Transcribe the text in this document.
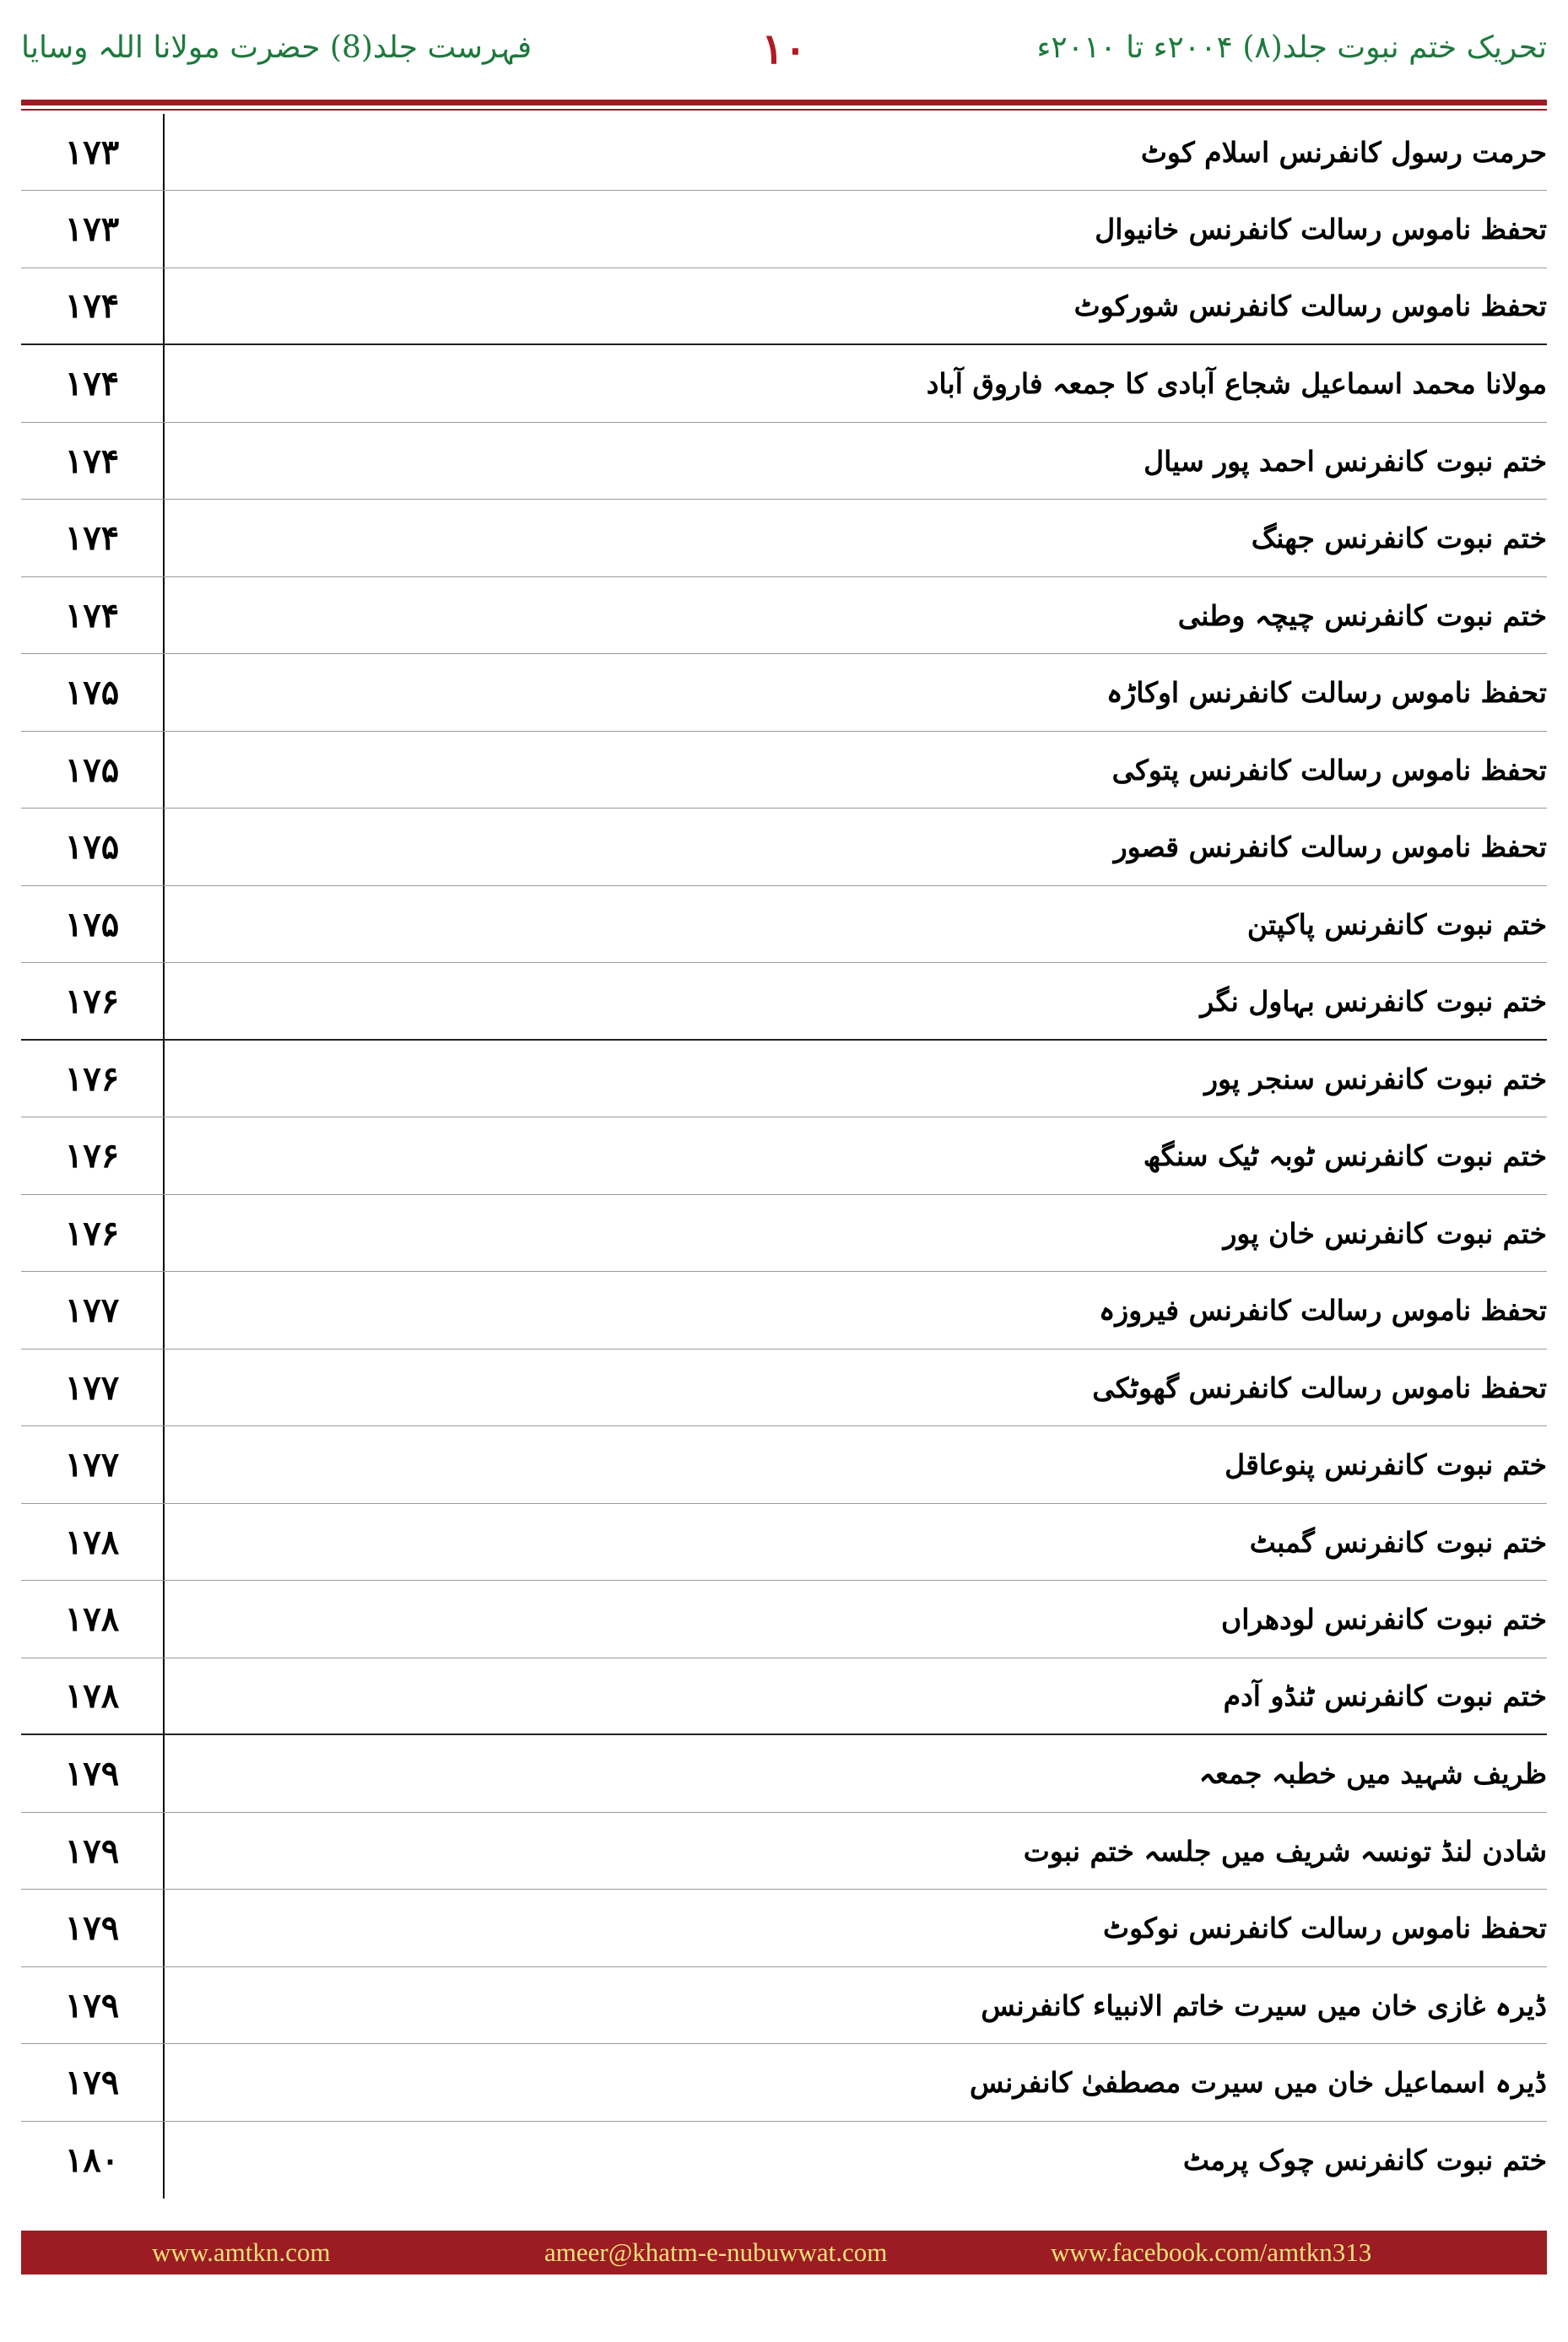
تحریک ختم نبوت جلد(۸) ۲۰۰۴ء تا ۲۰۱۰ء
۱۰
فہرست جلد(8) حضرت مولانا اللہ وسایا
۱۷۳	حرمت رسول کانفرنس اسلام کوٹ
۱۷۳	تحفظ ناموس رسالت کانفرنس خانیوال
۱۷۴	تحفظ ناموس رسالت کانفرنس شورکوٹ
۱۷۴	مولانا محمد اسماعیل شجاع آبادی کا جمعہ فاروق آباد
۱۷۴	ختم نبوت کانفرنس احمد پور سیال
۱۷۴	ختم نبوت کانفرنس جھنگ
۱۷۴	ختم نبوت کانفرنس چیچہ وطنی
۱۷۵	تحفظ ناموس رسالت کانفرنس اوکاڑہ
۱۷۵	تحفظ ناموس رسالت کانفرنس پتوکی
۱۷۵	تحفظ ناموس رسالت کانفرنس قصور
۱۷۵	ختم نبوت کانفرنس پاکپتن
۱۷۶	ختم نبوت کانفرنس بہاول نگر
۱۷۶	ختم نبوت کانفرنس سنجر پور
۱۷۶	ختم نبوت کانفرنس ٹوبہ ٹیک سنگھ
۱۷۶	ختم نبوت کانفرنس خان پور
۱۷۷	تحفظ ناموس رسالت کانفرنس فیروزہ
۱۷۷	تحفظ ناموس رسالت کانفرنس گھوٹکی
۱۷۷	ختم نبوت کانفرنس پنوعاقل
۱۷۸	ختم نبوت کانفرنس گمبٹ
۱۷۸	ختم نبوت کانفرنس لودھراں
۱۷۸	ختم نبوت کانفرنس ٹنڈو آدم
۱۷۹	ظریف شہید میں خطبہ جمعہ
۱۷۹	شادن لنڈ تونسہ شریف میں جلسہ ختم نبوت
۱۷۹	تحفظ ناموس رسالت کانفرنس نوکوٹ
۱۷۹	ڈیرہ غازی خان میں سیرت خاتم الانبیاء کانفرنس
۱۷۹	ڈیرہ اسماعیل خان میں سیرت مصطفیٰ کانفرنس
۱۸۰	ختم نبوت کانفرنس چوک پرمٹ
www.amtkn.com	ameer@khatm-e-nubuwwat.com	www.facebook.com/amtkn313
